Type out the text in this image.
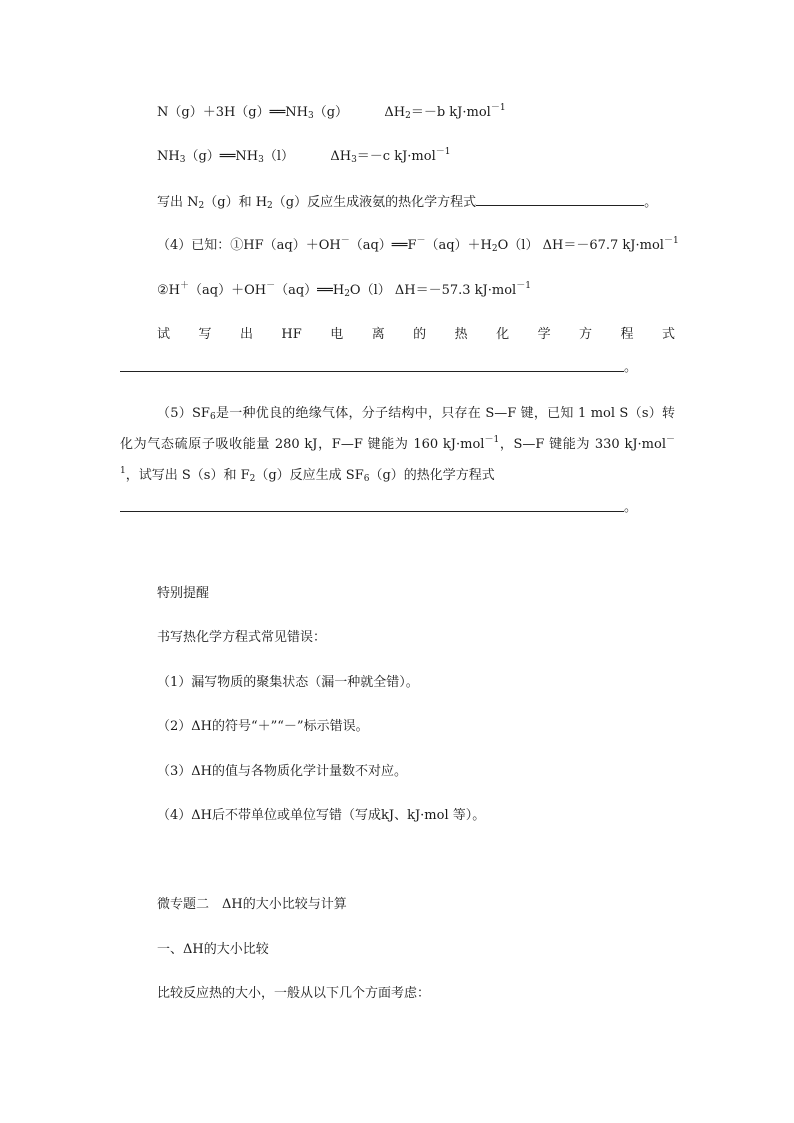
$N(g)+3H(g)══NH_3(g)$	$\Delta H_2=-b$ kJ·mol$^{-1}$
$NH_3(g)══NH_3(l)$	$\Delta H_3=-c$ kJ·mol$^{-1}$
写出 $N_2(g)$和 $H_2(g)$反应生成液氨的热化学方程式	。
（4）已知：$①HF(aq)+OH^-(aq)══F^-(aq)+H_2O(l)$ ΔH＝－67.7 kJ·mol$^{-1}$
$②H^+(aq)+OH^-(aq)══H_2O(l)$ ΔH＝－57.3 kJ·mol$^{-1}$
试 写 出 HF 电 离 的 热 化 学 方 程 式
。
$(5)SF_6$是一种优良的绝缘气体，分子结构中，只存在 S—F 键，已知 1 mol S（s）转化为气态硫原子吸收能量 280 kJ，F—F 键能为 160 kJ·mol$^{-1}$，S—F 键能为 330 kJ·mol$^{-1}$，试写出 S（s）和 $F_2(g)$反应生成 $SF_6(g)$的热化学方程式
。
特别提醒
书写热化学方程式常见错误：
（1）漏写物质的聚集状态（漏一种就全错）。
（2）ΔH的符号“＋”“－”标示错误。
（3）ΔH的值与各物质化学计量数不对应。
（4）ΔH后不带单位或单位写错（写成kJ、kJ·mol 等）。
微专题二　ΔH的大小比较与计算
一、ΔH的大小比较
比较反应热的大小，一般从以下几个方面考虑：
